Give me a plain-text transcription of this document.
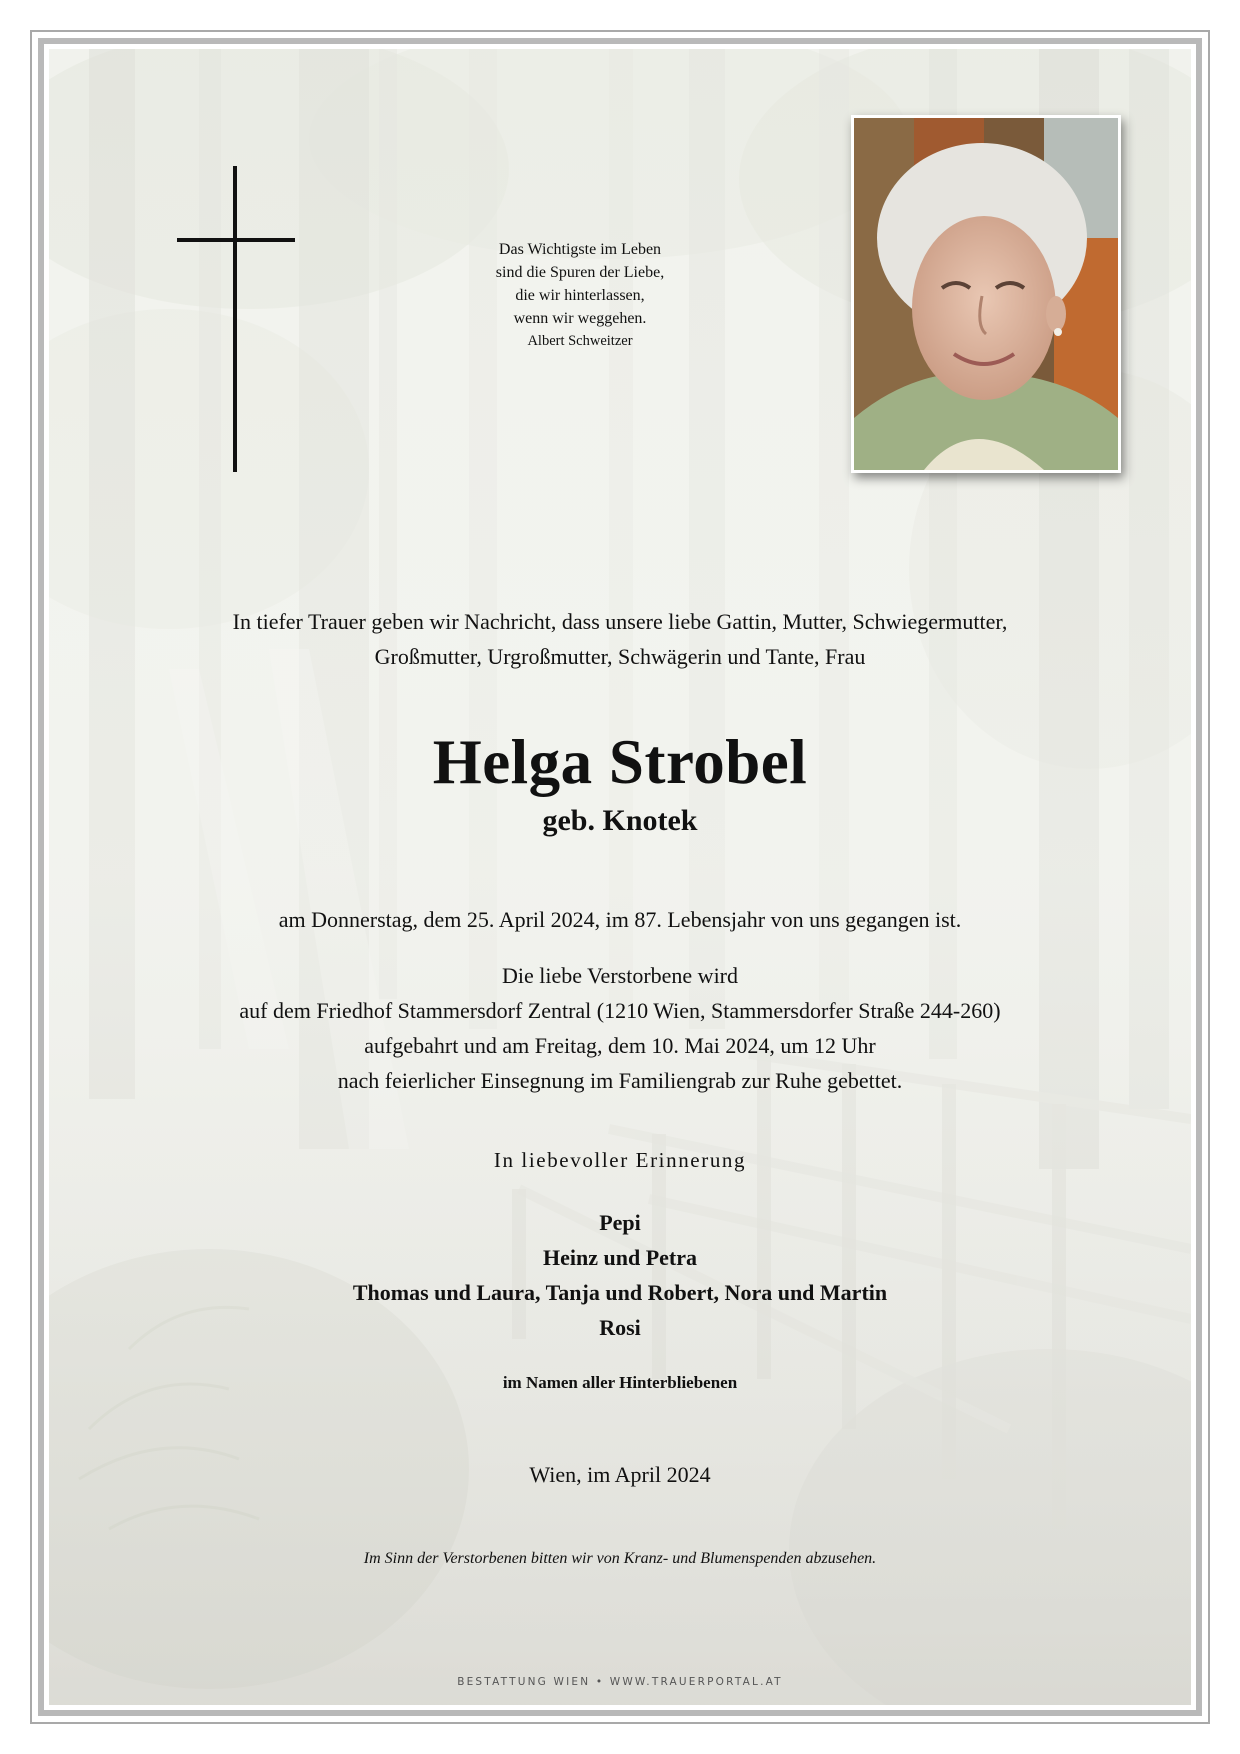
Das Wichtigste im Leben
sind die Spuren der Liebe,
die wir hinterlassen,
wenn wir weggehen.
Albert Schweitzer
In tiefer Trauer geben wir Nachricht, dass unsere liebe Gattin, Mutter, Schwiegermutter,
Großmutter, Urgroßmutter, Schwägerin und Tante, Frau
Helga Strobel
geb. Knotek
am Donnerstag, dem 25. April 2024, im 87. Lebensjahr von uns gegangen ist.
Die liebe Verstorbene wird
auf dem Friedhof Stammersdorf Zentral (1210 Wien, Stammersdorfer Straße 244-260)
aufgebahrt und am Freitag, dem 10. Mai 2024, um 12 Uhr
nach feierlicher Einsegnung im Familiengrab zur Ruhe gebettet.
In liebevoller Erinnerung
Pepi
Heinz und Petra
Thomas und Laura, Tanja und Robert, Nora und Martin
Rosi
im Namen aller Hinterbliebenen
Wien, im April 2024
Im Sinn der Verstorbenen bitten wir von Kranz- und Blumenspenden abzusehen.
BESTATTUNG WIEN • WWW.TRAUERPORTAL.AT
